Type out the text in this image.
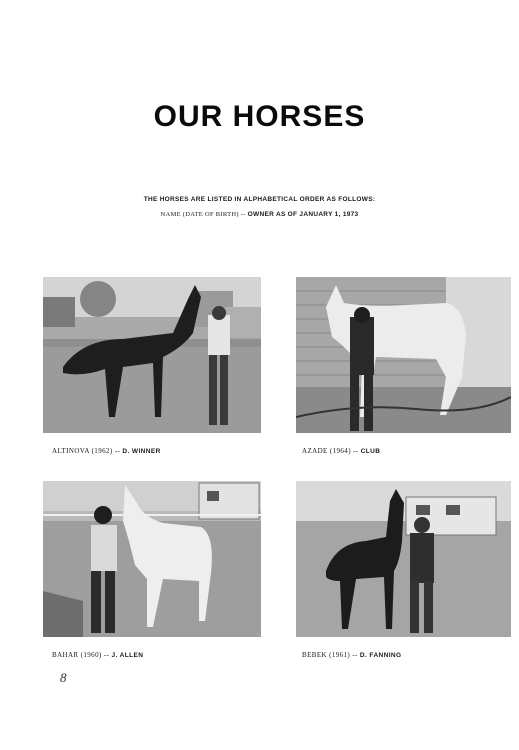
OUR HORSES
THE HORSES ARE LISTED IN ALPHABETICAL ORDER AS FOLLOWS:
NAME (DATE OF BIRTH) -- OWNER AS OF JANUARY 1, 1973
ALTINOVA (1962) -- D. WINNER	AZADE (1964) -- CLUB
BAHAR (1960) -- J. ALLEN	BEBEK (1961) -- D. FANNING
8
